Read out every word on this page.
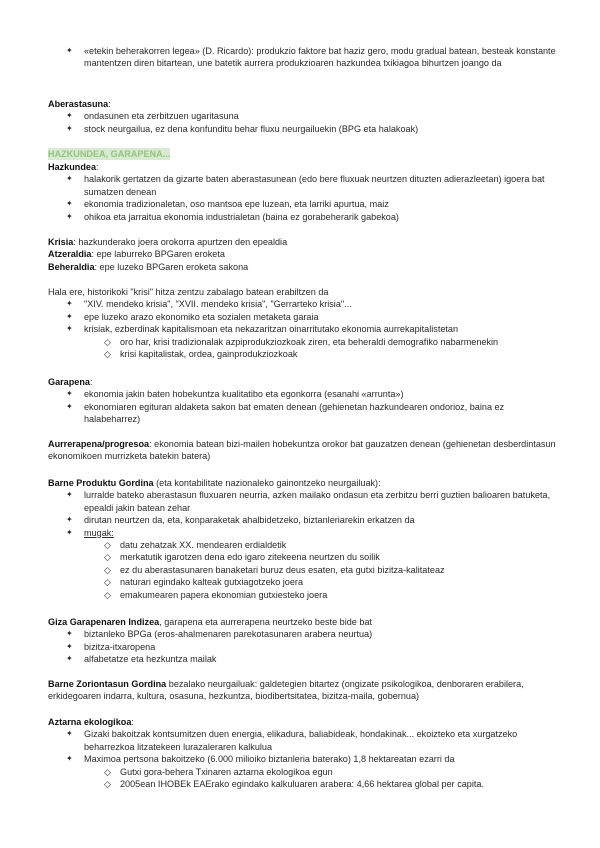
✦ «etekin beherakorren legea» (D. Ricardo): produkzio faktore bat haziz gero, modu gradual batean, besteak konstante mantentzen diren bitartean, une batetik aurrera produkzioaren hazkundea txikiagoa bihurtzen joango da
Aberastasuna:
✦ ondasunen eta zerbitzuen ugaritasuna
✦ stock neurgailua, ez dena konfunditu behar fluxu neurgailuekin (BPG eta halakoak)
HAZKUNDEA, GARAPENA...
Hazkundea:
✦ halakorik gertatzen da gizarte baten aberastasunean (edo bere fluxuak neurtzen dituzten adierazleetan) igoera bat sumatzen denean
✦ ekonomia tradizionaletan, oso mantsoa epe luzean, eta larriki apurtua, maiz
✦ ohikoa eta jarraitua ekonomia industrialetan (baina ez gorabeherarik gabekoa)
Krisia: hazkunderako joera orokorra apurtzen den epealdia
Atzeraldia: epe laburreko BPGaren eroketa
Beheraldia: epe luzeko BPGaren eroketa sakona
Hala ere, historikoki "krisi" hitza zentzu zabalago batean erabiltzen da
✦ "XIV. mendeko krisia", "XVII. mendeko krisia", "Gerrarteko krisia"...
✦ epe luzeko arazo ekonomiko eta sozialen metaketa garaia
✦ krisiak, ezberdinak kapitalismoan eta nekazaritzan oinarritutako ekonomia aurrekapitalistetan
◇ oro har, krisi tradizionalak azpiprodukziozkoak ziren, eta beheraldi demografiko nabarmenekin
◇ krisi kapitalistak, ordea, gainprodukziozkoak
Garapena:
✦ ekonomia jakin baten hobekuntza kualitatibo eta egonkorra (esanahi «arrunta»)
✦ ekonomiaren egituran aldaketa sakon bat ematen denean (gehienetan hazkundearen ondorioz, baina ez halabeharrez)
Aurrerapena/progresoa: ekonomia batean bizi-mailen hobekuntza orokor bat gauzatzen denean (gehienetan desberdintasun ekonomikoen murrizketa batekin batera)
Barne Produktu Gordina (eta kontabilitate nazionaleko gainontzeko neurgailuak):
✦ lurralde bateko aberastasun fluxuaren neurria, azken mailako ondasun eta zerbitzu berri guztien balioaren batuketa, epealdi jakin batean zehar
✦ dirutan neurtzen da, eta, konparaketak ahalbidetzeko, biztanleriarekin erkatzen da
✦ mugak:
◇ datu zehatzak XX. mendearen erdialdetik
◇ merkatutik igarotzen dena edo igaro zitekeena neurtzen du soilik
◇ ez du aberastasunaren banaketari buruz deus esaten, eta gutxi bizitza-kalitateaz
◇ naturari egindako kalteak gutxiagotzeko joera
◇ emakumearen papera ekonomian gutxiesteko joera
Giza Garapenaren Indizea, garapena eta aurrerapena neurtzeko beste bide bat
✦ biztanleko BPGa (eros-ahalmenaren parekotasunaren arabera neurtua)
✦ bizitza-itxaropena
✦ alfabetatze eta hezkuntza mailak
Barne Zoriontasun Gordina bezalako neurgailuak: galdetegien bitartez (ongizate psikologikoa, denboraren erabilera, erkidegoaren indarra, kultura, osasuna, hezkuntza, biodibertsitatea, bizitza-maila, gobernua)
Aztarna ekologikoa:
✦ Gizaki bakoitzak kontsumitzen duen energia, elikadura, baliabideak, hondakinak... ekoizteko eta xurgatzeko beharrezkoa litzatekeen lurazaleraren kalkulua
✦ Maximoa pertsona bakoitzeko (6.000 milioiko biztanleria baterako) 1,8 hektareatan ezarri da
◇ Gutxi gora-behera Txinaren aztarna ekologikoa egun
◇ 2005ean IHOBEk EAErako egindako kalkuluaren arabera: 4,66 hektarea global per capita.
